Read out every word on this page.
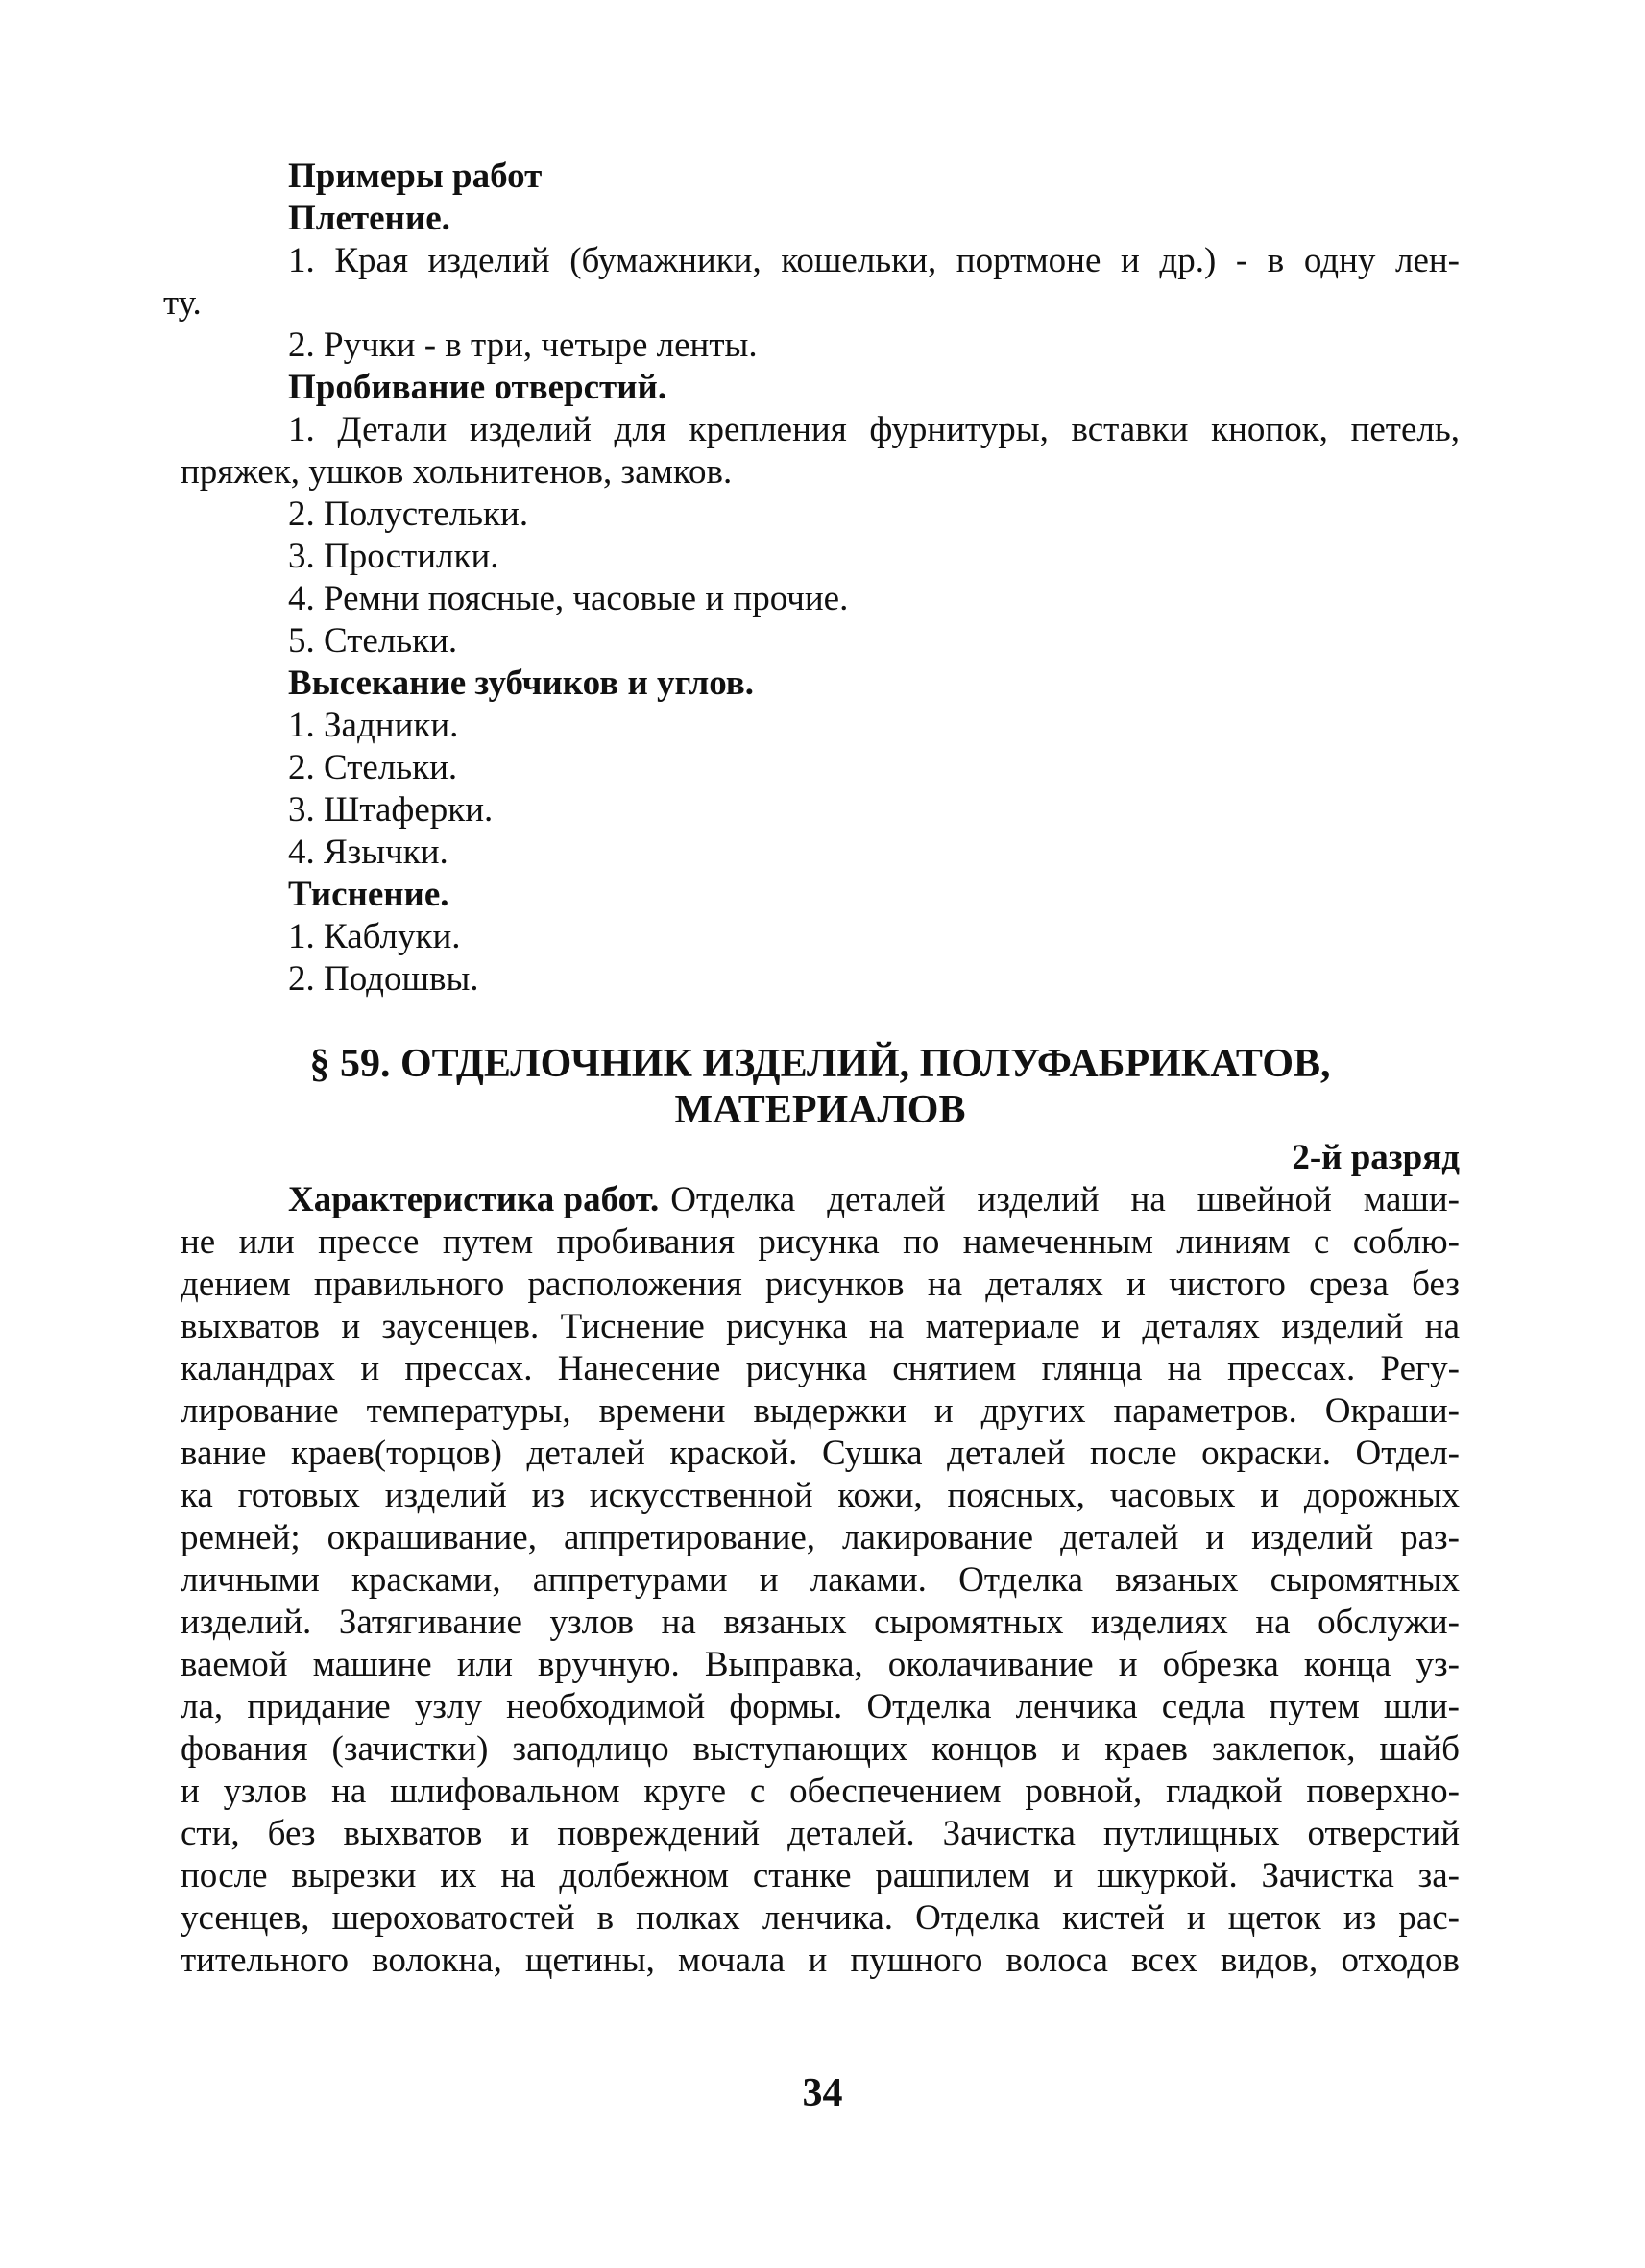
Примеры работ
Плетение.
1. Края изделий (бумажники, кошельки, портмоне и др.) - в одну лен-
ту.
2. Ручки - в три, четыре ленты.
Пробивание отверстий.
1. Детали изделий для крепления фурнитуры, вставки кнопок, петель,
пряжек, ушков хольнитенов, замков.
2. Полустельки.
3. Простилки.
4. Ремни поясные, часовые и прочие.
5. Стельки.
Высекание зубчиков и углов.
1. Задники.
2. Стельки.
3. Штаферки.
4. Язычки.
Тиснение.
1. Каблуки.
2. Подошвы.
§ 59. ОТДЕЛОЧНИК ИЗДЕЛИЙ, ПОЛУФАБРИКАТОВ,
МАТЕРИАЛОВ
2-й разряд
Характеристика работ. Отделка деталей изделий на швейной маши-
не или прессе путем пробивания рисунка по намеченным линиям с соблю-
дением правильного расположения рисунков на деталях и чистого среза без
выхватов и заусенцев. Тиснение рисунка на материале и деталях изделий на
каландрах и прессах. Нанесение рисунка снятием глянца на прессах. Регу-
лирование температуры, времени выдержки и других параметров. Окраши-
вание краев(торцов) деталей краской. Сушка деталей после окраски. Отдел-
ка готовых изделий из искусственной кожи, поясных, часовых и дорожных
ремней; окрашивание, аппретирование, лакирование деталей и изделий раз-
личными красками, аппретурами и лаками. Отделка вязаных сыромятных
изделий. Затягивание узлов на вязаных сыромятных изделиях на обслужи-
ваемой машине или вручную. Выправка, околачивание и обрезка конца уз-
ла, придание узлу необходимой формы. Отделка ленчика седла путем шли-
фования (зачистки) заподлицо выступающих концов и краев заклепок, шайб
и узлов на шлифовальном круге с обеспечением ровной, гладкой поверхно-
сти, без выхватов и повреждений деталей. Зачистка путлищных отверстий
после вырезки их на долбежном станке рашпилем и шкуркой. Зачистка за-
усенцев, шероховатостей в полках ленчика. Отделка кистей и щеток из рас-
тительного волокна, щетины, мочала и пушного волоса всех видов, отходов
34
